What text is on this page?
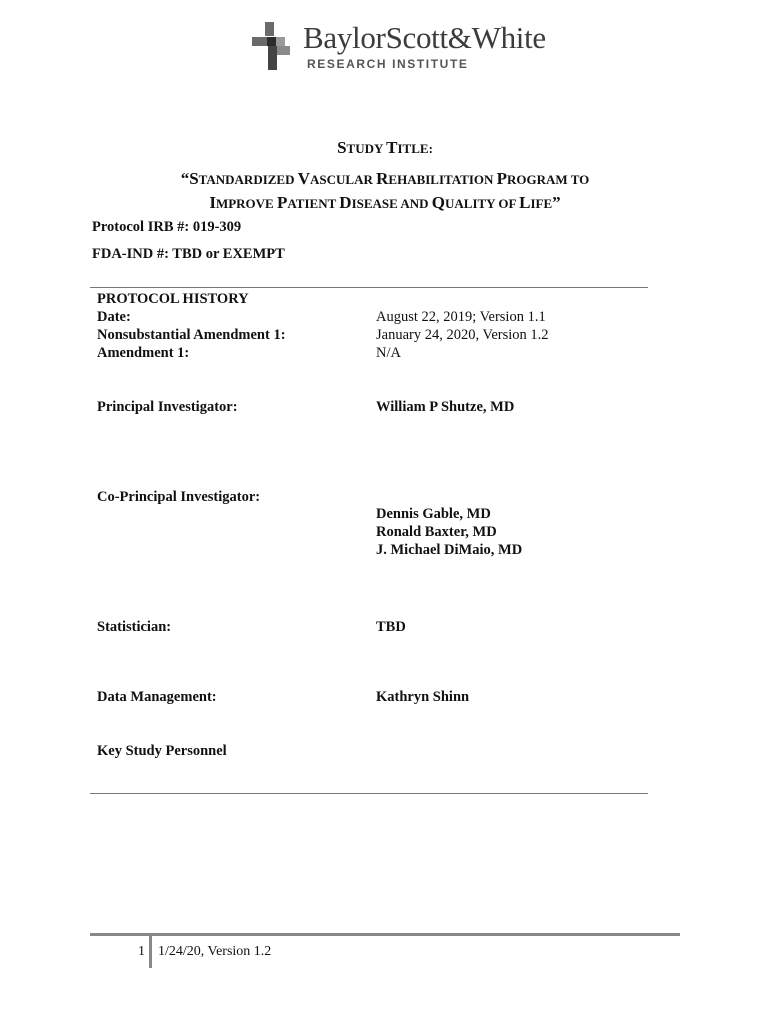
BaylorScott&White
RESEARCH INSTITUTE
STUDY TITLE:
“STANDARDIZED VASCULAR REHABILITATION PROGRAM TO
IMPROVE PATIENT DISEASE AND QUALITY OF LIFE”
Protocol IRB #: 019-309
FDA-IND #: TBD or EXEMPT
PROTOCOL HISTORY
Date:	August 22, 2019; Version 1.1
Nonsubstantial Amendment 1:	January 24, 2020, Version 1.2
Amendment 1:	N/A
Principal Investigator:	William P Shutze, MD
Co-Principal Investigator:
Dennis Gable, MD
Ronald Baxter, MD
J. Michael DiMaio, MD
Statistician:	TBD
Data Management:	Kathryn Shinn
Key Study Personnel
1 1/24/20, Version 1.2
